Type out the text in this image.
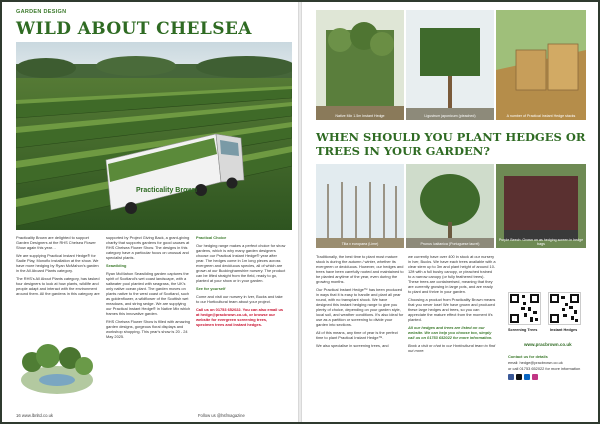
GARDEN DESIGN
WILD ABOUT CHELSEA
Practicality Brown

Practicality Brown are delighted to support Garden Designers at the RHS Chelsea Flower Show again this year…

We are supplying Practical Instant Hedge® for Sadie Play, Monoflo installation at the show. We have more hedging by Ryan McMahon's garden in the All Aboard Plants category.

The RHS's All About Plants category, has tasked four designers to look at how plants, wildlife and people adapt and interact with the environment around them. All the gardens in this category are

supported by Project Giving Back, a grant-giving charity that supports gardens for good causes at RHS Chelsea Flower Show. The designs in this category have a particular focus on unusual and specialist plants.

Seawilding

Ryan McMahon Seawilding garden captures the spirit of Scotland's wet coast landscape, with a saltwater pool planted with seagrass, the UK's only native ocean plant. The garden moves on plants native to the west coast of Scotland, such as goldenflower, a wildflower of the Scottish wet meadows, and string sedge. We are supplying our Practical Instant Hedge® in Native Mix which frames this innovative garden.

RHS Chelsea Flower Show is filled with amazing garden designs, gorgeous floral displays and workshop shopping. This year's show is 20 - 24 May 2025.

Practical Choice

Our hedging range makes a perfect choice for show gardens, which is why many garden designers choose our Practical Instant Hedge® year after year. The hedges come in 1m long pieces across evergreen and deciduous species, all of which are grown at our Buckinghamshire nursery. The product can be lifted straight from the field, ready to go, planted at your show or in your garden.

See for yourself

Come and visit our nursery in Iver, Bucks and take to our Horticultural team about your project.

Call us on 01753 652022. You can also email us at hedge@pracbrown.co.uk, or browse our website for evergreen screening trees, specimen trees and Instant hedges.

16 www.lbnltd.co.uk	Follow us @hsfmagazine
Native Mix 1.5m Instant Hedge	Ligustrum japonicum (pleached)	A number of Practical Instant Hedge stacks
WHEN SHOULD YOU PLANT HEDGES OR TREES IN YOUR GARDEN?
Tilia x europaea (Lime)	Prunus lusitanica (Portuguese laurel)
Purple Beech: Grown on as hedging screen in hedge bags

Traditionally, the best time to plant most mature stock is during the autumn / winter, whether its evergreen or deciduous. However, our hedges and trees have been carefully rooted and maintained to be planted anytime of the year, even during the growing months.

Our Practical Instant Hedge™ has been produced in ways that it is easy to handle and plant all year round, with no transplant shock. We have designed this instant hedging range to give you plenty of choice, depending on your garden style, local soil, and weather conditions. It's also ideal for use as a partition or screening to divide your garden into sections.

All of this means, any time of year is the perfect time to plant Practical Instant Hedge™.

We also specialise in screening trees, and

we currently have over 400 in stock at our nursery in Iver, Bucks. We have each trees available with a clear stem up to 3m and plant height of around 10-12ft with a full bushy canopy, or pleached trained to a narrow canopy (or fully feathered trees). These trees are containerised, meaning that they are currently growing in large pots, and are ready to plant and thrive in your garden.

Choosing a product from Practicality Brown means that you never lose! We have grown and produced these large hedges and trees, so you can appreciate the mature effect from the moment it's planted.

All our hedges and trees are listed on our website. We can help you choose too, simply call us on 01753 652022 for more information.

Book a visit or chat to our Horticultural team to find out more.

Screening Trees	Instant Hedges
www.pracbrown.co.uk

Contact us for details

email: hedge@pracbrown.co.uk

or call 01753 652022 for more information
